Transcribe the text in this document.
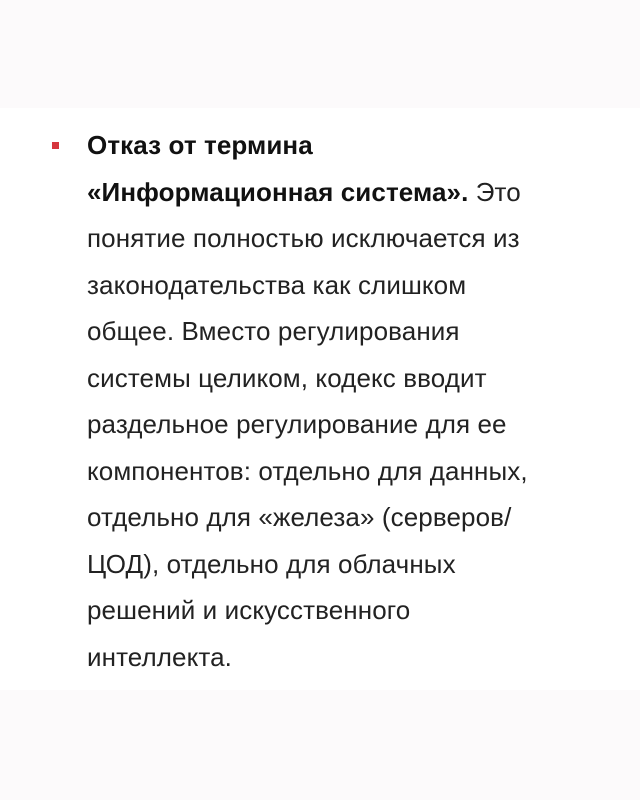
Отказ от термина
«Информационная система». Это
понятие полностью исключается из
законодательства как слишком
общее. Вместо регулирования
системы целиком, кодекс вводит
раздельное регулирование для ее
компонентов: отдельно для данных,
отдельно для «железа» (серверов/
ЦОД), отдельно для облачных
решений и искусственного
интеллекта.
